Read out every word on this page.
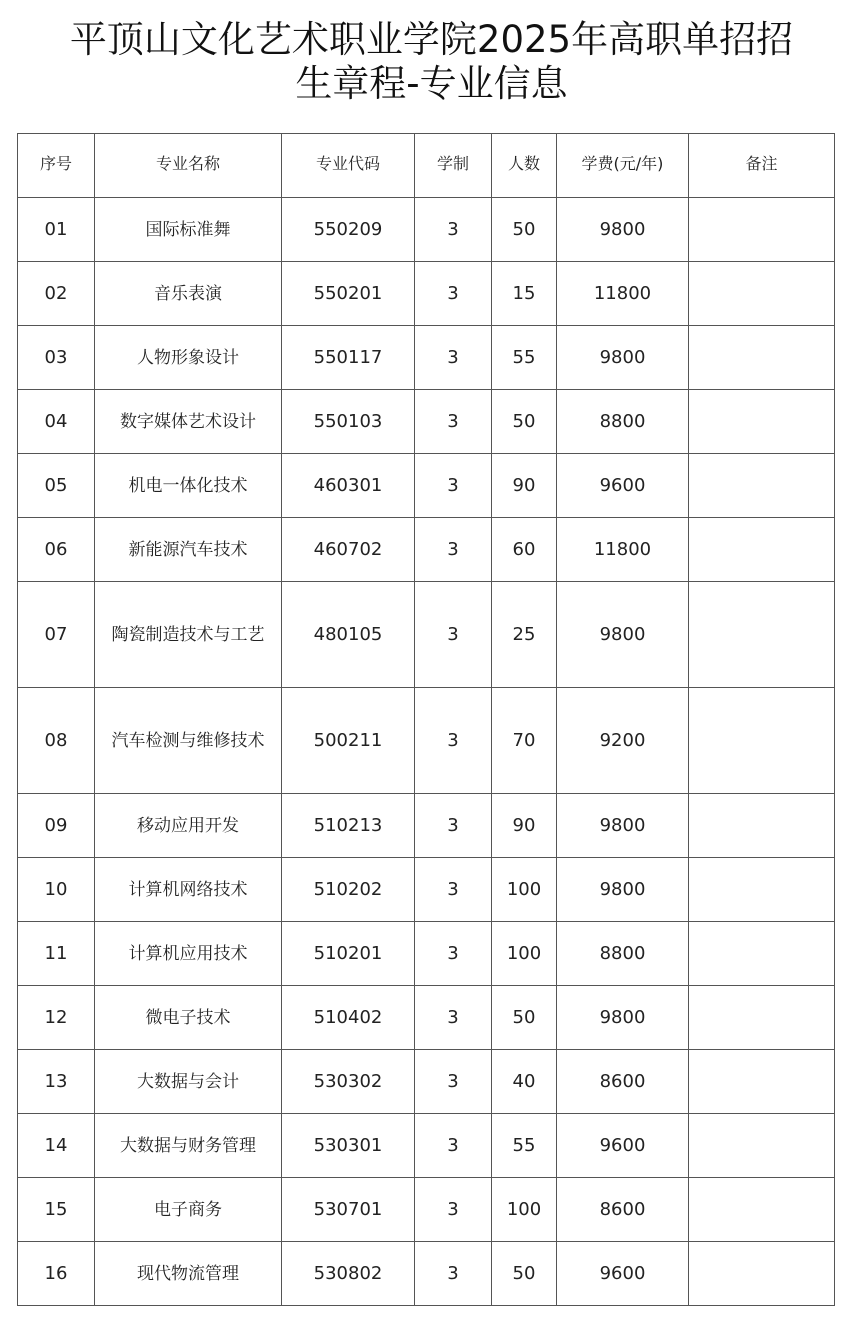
平顶山文化艺术职业学院2025年高职单招招
生章程-专业信息
序号	专业名称	专业代码	学制	人数	学费(元/年)	备注
01	国际标准舞	550209	3	50	9800	
02	音乐表演	550201	3	15	11800	
03	人物形象设计	550117	3	55	9800	
04	数字媒体艺术设计	550103	3	50	8800	
05	机电一体化技术	460301	3	90	9600	
06	新能源汽车技术	460702	3	60	11800	
07	陶瓷制造技术与工艺	480105	3	25	9800	
08	汽车检测与维修技术	500211	3	70	9200	
09	移动应用开发	510213	3	90	9800	
10	计算机网络技术	510202	3	100	9800	
11	计算机应用技术	510201	3	100	8800	
12	微电子技术	510402	3	50	9800	
13	大数据与会计	530302	3	40	8600	
14	大数据与财务管理	530301	3	55	9600	
15	电子商务	530701	3	100	8600	
16	现代物流管理	530802	3	50	9600	
